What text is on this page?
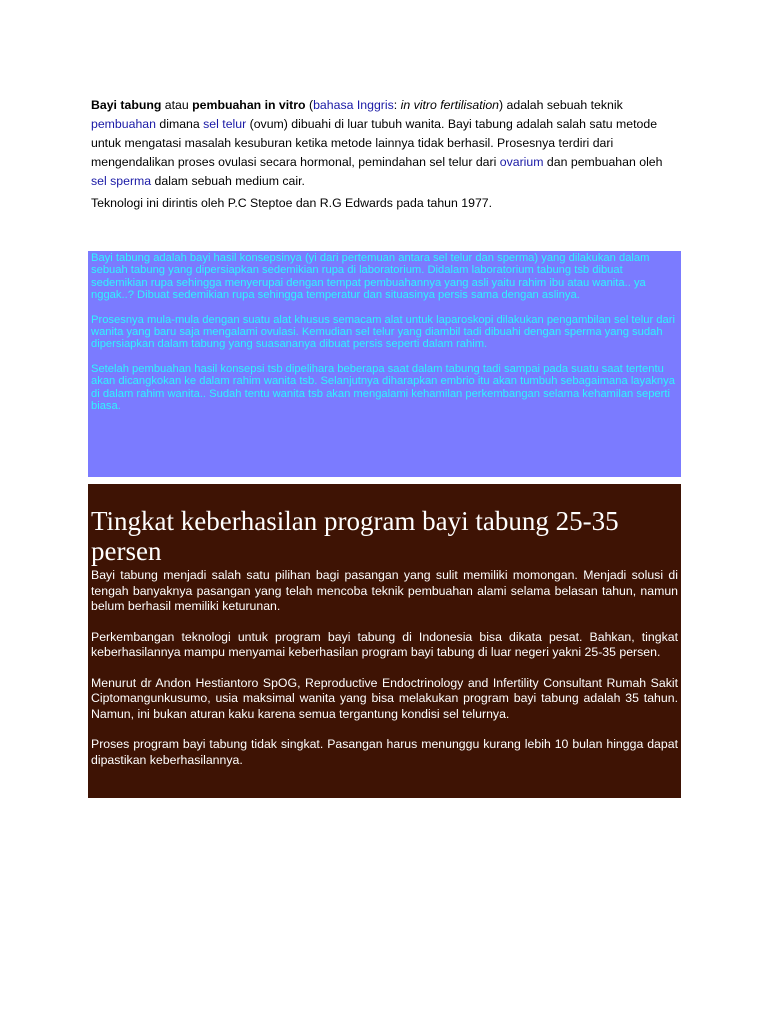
Bayi tabung atau pembuahan in vitro (bahasa Inggris: in vitro fertilisation) adalah sebuah teknik pembuahan dimana sel telur (ovum) dibuahi di luar tubuh wanita. Bayi tabung adalah salah satu metode untuk mengatasi masalah kesuburan ketika metode lainnya tidak berhasil. Prosesnya terdiri dari mengendalikan proses ovulasi secara hormonal, pemindahan sel telur dari ovarium dan pembuahan oleh sel sperma dalam sebuah medium cair.

Teknologi ini dirintis oleh P.C Steptoe dan R.G Edwards pada tahun 1977.

Bayi tabung adalah bayi hasil konsepsinya (yi dari pertemuan antara sel telur dan sperma) yang dilakukan dalam sebuah tabung yang dipersiapkan sedemikian rupa di laboratorium. Didalam laboratorium tabung tsb dibuat sedemikian rupa sehingga menyerupai dengan tempat pembuahannya yang asli yaitu rahim ibu atau wanita.. ya nggak..? Dibuat sedemikian rupa sehingga temperatur dan situasinya persis sama dengan aslinya.

Prosesnya mula-mula dengan suatu alat khusus semacam alat untuk laparoskopi dilakukan pengambilan sel telur dari wanita yang baru saja mengalami ovulasi. Kemudian sel telur yang diambil tadi dibuahi dengan sperma yang sudah dipersiapkan dalam tabung yang suasananya dibuat persis seperti dalam rahim.

Setelah pembuahan hasil konsepsi tsb dipelihara beberapa saat dalam tabung tadi sampai pada suatu saat tertentu akan dicangkokan ke dalam rahim wanita tsb. Selanjutnya diharapkan embrio itu akan tumbuh sebagaimana layaknya di dalam rahim wanita.. Sudah tentu wanita tsb akan mengalami kehamilan perkembangan selama kehamilan seperti biasa.

Tingkat keberhasilan program bayi tabung 25-35 persen

Bayi tabung menjadi salah satu pilihan bagi pasangan yang sulit memiliki momongan. Menjadi solusi di tengah banyaknya pasangan yang telah mencoba teknik pembuahan alami selama belasan tahun, namun belum berhasil memiliki keturunan.

Perkembangan teknologi untuk program bayi tabung di Indonesia bisa dikata pesat. Bahkan, tingkat keberhasilannya mampu menyamai keberhasilan program bayi tabung di luar negeri yakni 25-35 persen.

Menurut dr Andon Hestiantoro SpOG, Reproductive Endoctrinology and Infertility Consultant Rumah Sakit Ciptomangunkusumo, usia maksimal wanita yang bisa melakukan program bayi tabung adalah 35 tahun. Namun, ini bukan aturan kaku karena semua tergantung kondisi sel telurnya.

Proses program bayi tabung tidak singkat. Pasangan harus menunggu kurang lebih 10 bulan hingga dapat dipastikan keberhasilannya.
